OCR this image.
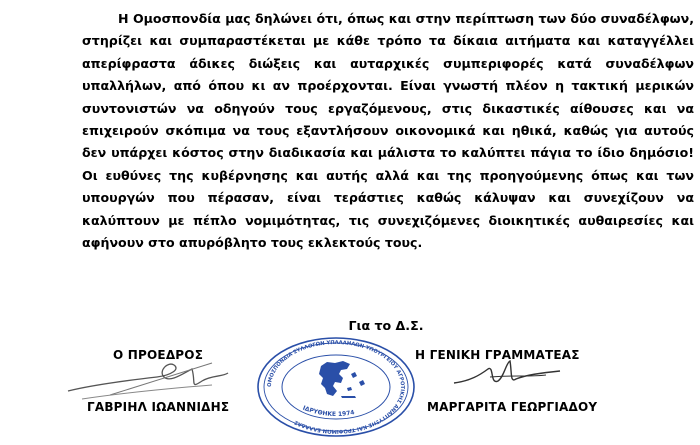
Η Ομοσπονδία μας δηλώνει ότι, όπως και στην περίπτωση των δύο συναδέλφων, στηρίζει και συμπαραστέκεται με κάθε τρόπο τα δίκαια αιτήματα και καταγγέλλει απερίφραστα άδικες διώξεις και αυταρχικές συμπεριφορές κατά συναδέλφων υπαλλήλων, από όπου κι αν προέρχονται. Είναι γνωστή πλέον η τακτική μερικών συντονιστών να οδηγούν τους εργαζόμενους, στις δικαστικές αίθουσες και να επιχειρούν σκόπιμα να τους εξαντλήσουν οικονομικά και ηθικά, καθώς για αυτούς δεν υπάρχει κόστος στην διαδικασία και μάλιστα το καλύπτει πάγια το ίδιο δημόσιο! Οι ευθύνες της κυβέρνησης και αυτής αλλά και της προηγούμενης όπως και των υπουργών που πέρασαν, είναι τεράστιες καθώς κάλυψαν και συνεχίζουν να καλύπτουν με πέπλο νομιμότητας, τις συνεχιζόμενες διοικητικές αυθαιρεσίες και αφήνουν στο απυρόβλητο τους εκλεκτούς τους.

Για το Δ.Σ.
Ο ΠΡΟΕΔΡΟΣ	Η ΓΕΝΙΚΗ ΓΡΑΜΜΑΤΕΑΣ
ΟΜΟΣΠΟΝΔΙΑ ΣΥΛΛΟΓΩΝ ΥΠΑΛΛΗΛΩΝ ΥΠΟΥΡΓΕΙΟΥ ΑΓΡΟΤΙΚΗΣ ΑΝΑΠΤΥΞΗΣ ΚΑΙ ΤΡΟΦΙΜΩΝ ΕΛΛΑΔΑΣ
ΙΔΡΥΘΗΚΕ 1974
ΓΑΒΡΙΗΛ ΙΩΑΝΝΙΔΗΣ	ΜΑΡΓΑΡΙΤΑ ΓΕΩΡΓΙΑΔΟΥ
